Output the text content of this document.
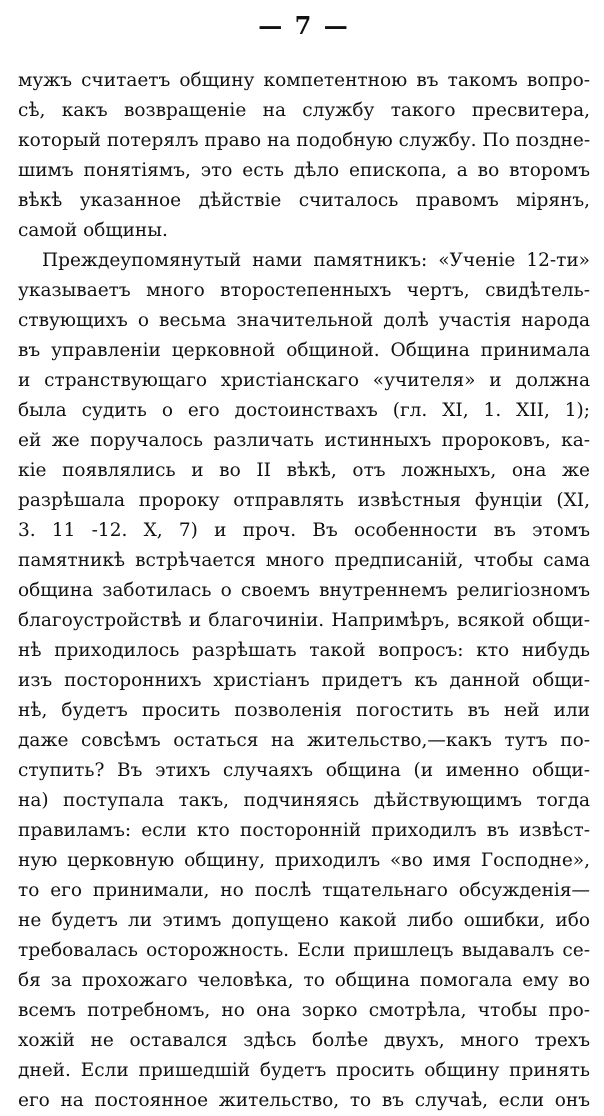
— 7 —
мужъ считаетъ общину компетентною въ такомъ вопро-
сѣ, какъ возвращеніе на службу такого пресвитера,
который потерялъ право на подобную службу. По поздне-
шимъ понятіямъ, это есть дѣло епископа, а во второмъ
вѣкѣ указанное дѣйствіе считалось правомъ мірянъ,
самой общины.
Преждеупомянутый нами памятникъ: «Ученіе 12-ти»
указываетъ много второстепенныхъ чертъ, свидѣтель-
ствующихъ о весьма значительной долѣ участія народа
въ управленіи церковной общиной. Община принимала
и странствующаго христіанскаго «учителя» и должна
была судить о его достоинствахъ (гл. XI, 1. XII, 1);
ей же поручалось различать истинныхъ пророковъ, ка-
кіе появлялись и во II вѣкѣ, отъ ложныхъ, она же
разрѣшала пророку отправлять извѣстныя фунціи (XI,
3. 11 -12. X, 7) и проч. Въ особенности въ этомъ
памятникѣ встрѣчается много предписаній, чтобы сама
община заботилась о своемъ внутреннемъ религіозномъ
благоустройствѣ и благочиніи. Напримѣръ, всякой общи-
нѣ приходилось разрѣшать такой вопросъ: кто нибудь
изъ постороннихъ христіанъ придетъ къ данной общи-
нѣ, будетъ просить позволенія погостить въ ней или
даже совсѣмъ остаться на жительство,—какъ тутъ по-
ступить? Въ этихъ случаяхъ община (и именно общи-
на) поступала такъ, подчиняясь дѣйствующимъ тогда
правиламъ: если кто посторонній приходилъ въ извѣст-
ную церковную общину, приходилъ «во имя Господне»,
то его принимали, но послѣ тщательнаго обсужденія—
не будетъ ли этимъ допущено какой либо ошибки, ибо
требовалась осторожность. Если пришлецъ выдавалъ се-
бя за прохожаго человѣка, то община помогала ему во
всемъ потребномъ, но она зорко смотрѣла, чтобы про-
хожій не оставался здѣсь болѣе двухъ, много трехъ
дней. Если пришедшій будетъ просить общину принять
его на постоянное жительство, то въ случаѣ, если онъ
